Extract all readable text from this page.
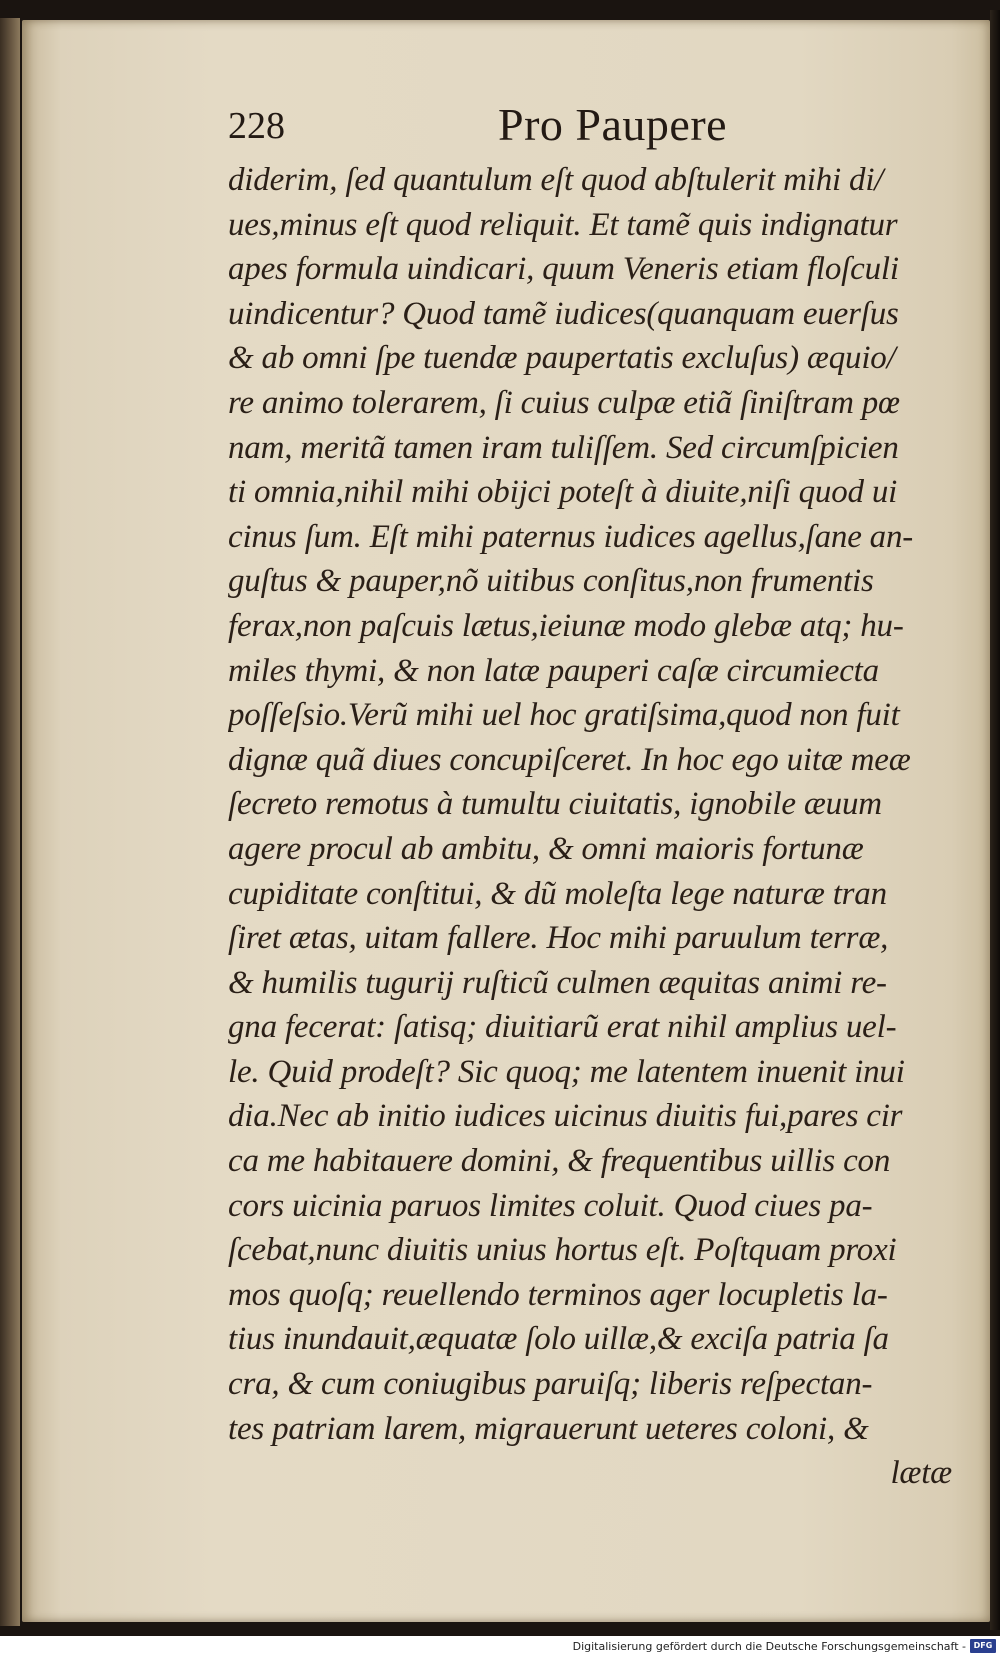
228	Pro Paupere
diderim, ſed quantulum eſt quod abſtulerit mihi di/
ues,minus eſt quod reliquit. Et tamẽ quis indignatur
apes formula uindicari, quum Veneris etiam floſculi
uindicentur? Quod tamẽ iudices(quanquam euerſus
& ab omni ſpe tuendæ paupertatis excluſus) æquio/
re animo tolerarem, ſi cuius culpæ etiã ſiniſtram pœ
nam, meritã tamen iram tuliſſem. Sed circumſpicien
ti omnia,nihil mihi obijci poteſt à diuite,niſi quod ui
cinus ſum. Eſt mihi paternus iudices agellus,ſane an-
guſtus & pauper,nõ uitibus conſitus,non frumentis
ferax,non paſcuis lætus,ieiunæ modo glebæ atq; hu-
miles thymi, & non latæ pauperi caſæ circumiecta
poſſeſsio.Verũ mihi uel hoc gratiſsima,quod non fuit
dignæ quã diues concupiſceret. In hoc ego uitæ meæ
ſecreto remotus à tumultu ciuitatis, ignobile æuum
agere procul ab ambitu, & omni maioris fortunæ
cupiditate conſtitui, & dũ moleſta lege naturæ tran
ſiret ætas, uitam fallere. Hoc mihi paruulum terræ,
& humilis tugurij ruſticũ culmen æquitas animi re-
gna fecerat: ſatisq; diuitiarũ erat nihil amplius uel-
le. Quid prodeſt? Sic quoq; me latentem inuenit inui
dia.Nec ab initio iudices uicinus diuitis fui,pares cir
ca me habitauere domini, & frequentibus uillis con
cors uicinia paruos limites coluit. Quod ciues pa-
ſcebat,nunc diuitis unius hortus eſt. Poſtquam proxi
mos quoſq; reuellendo terminos ager locupletis la-
tius inundauit,æquatæ ſolo uillæ,& exciſa patria ſa
cra, & cum coniugibus paruiſq; liberis reſpectan-
tes patriam larem, migrauerunt ueteres coloni, &
lætæ
Digitalisierung gefördert durch die Deutsche Forschungsgemeinschaft - DFG
